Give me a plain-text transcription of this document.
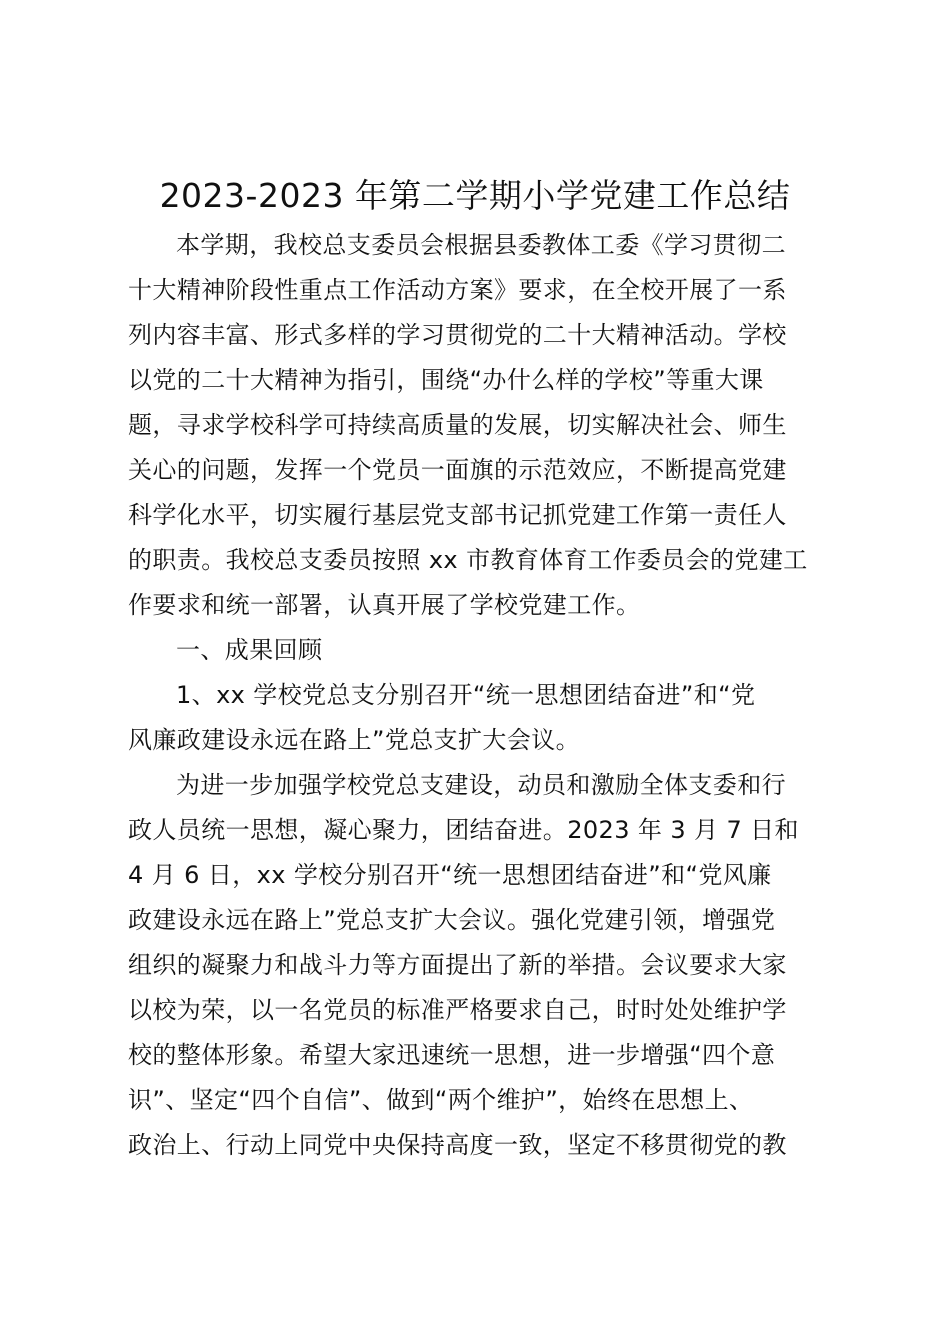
2023-2023 年第二学期小学党建工作总结
本学期，我校总支委员会根据县委教体工委《学习贯彻二
十大精神阶段性重点工作活动方案》要求，在全校开展了一系
列内容丰富、形式多样的学习贯彻党的二十大精神活动。学校
以党的二十大精神为指引，围绕“办什么样的学校”等重大课
题，寻求学校科学可持续高质量的发展，切实解决社会、师生
关心的问题，发挥一个党员一面旗的示范效应，不断提高党建
科学化水平，切实履行基层党支部书记抓党建工作第一责任人
的职责。我校总支委员按照 xx 市教育体育工作委员会的党建工
作要求和统一部署，认真开展了学校党建工作。
一、成果回顾
1、xx 学校党总支分别召开“统一思想团结奋进”和“党
风廉政建设永远在路上”党总支扩大会议。
为进一步加强学校党总支建设，动员和激励全体支委和行
政人员统一思想，凝心聚力，团结奋进。2023 年 3 月 7 日和
4 月 6 日，xx 学校分别召开“统一思想团结奋进”和“党风廉
政建设永远在路上”党总支扩大会议。强化党建引领，增强党
组织的凝聚力和战斗力等方面提出了新的举措。会议要求大家
以校为荣，以一名党员的标准严格要求自己，时时处处维护学
校的整体形象。希望大家迅速统一思想，进一步增强“四个意
识”、坚定“四个自信”、做到“两个维护”，始终在思想上、
政治上、行动上同党中央保持高度一致，坚定不移贯彻党的教
